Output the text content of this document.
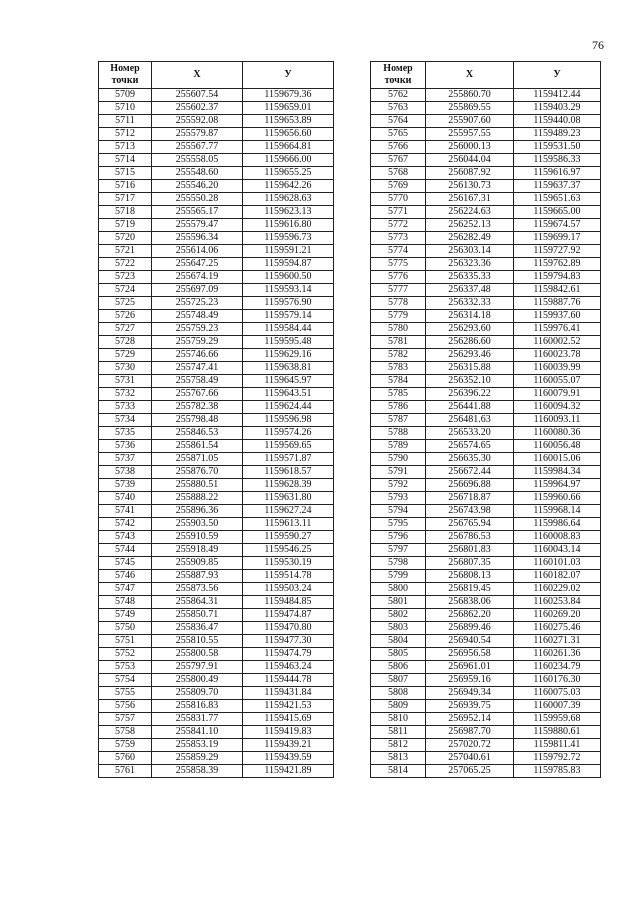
76
Номер
точки	X	У
5709	255607.54	1159679.36
5710	255602.37	1159659.01
5711	255592.08	1159653.89
5712	255579.87	1159656.60
5713	255567.77	1159664.81
5714	255558.05	1159666.00
5715	255548.60	1159655.25
5716	255546.20	1159642.26
5717	255550.28	1159628.63
5718	255565.17	1159623.13
5719	255579.47	1159616.80
5720	255596.34	1159596.73
5721	255614.06	1159591.21
5722	255647.25	1159594.87
5723	255674.19	1159600.50
5724	255697.09	1159593.14
5725	255725.23	1159576.90
5726	255748.49	1159579.14
5727	255759.23	1159584.44
5728	255759.29	1159595.48
5729	255746.66	1159629.16
5730	255747.41	1159638.81
5731	255758.49	1159645.97
5732	255767.66	1159643.51
5733	255782.38	1159624.44
5734	255798.48	1159596.98
5735	255846.53	1159574.26
5736	255861.54	1159569.65
5737	255871.05	1159571.87
5738	255876.70	1159618.57
5739	255880.51	1159628.39
5740	255888.22	1159631.80
5741	255896.36	1159627.24
5742	255903.50	1159613.11
5743	255910.59	1159590.27
5744	255918.49	1159546.25
5745	255909.85	1159530.19
5746	255887.93	1159514.78
5747	255873.56	1159503.24
5748	255864.31	1159484.85
5749	255850.71	1159474.87
5750	255836.47	1159470.80
5751	255810.55	1159477.30
5752	255800.58	1159474.79
5753	255797.91	1159463.24
5754	255800.49	1159444.78
5755	255809.70	1159431.84
5756	255816.83	1159421.53
5757	255831.77	1159415.69
5758	255841.10	1159419.83
5759	255853.19	1159439.21
5760	255859.29	1159439.59
5761	255858.39	1159421.89
Номер
точки	X	У
5762	255860.70	1159412.44
5763	255869.55	1159403.29
5764	255907.60	1159440.08
5765	255957.55	1159489.23
5766	256000.13	1159531.50
5767	256044.04	1159586.33
5768	256087.92	1159616.97
5769	256130.73	1159637.37
5770	256167.31	1159651.63
5771	256224.63	1159665.00
5772	256252.13	1159674.57
5773	256282.49	1159699.17
5774	256303.14	1159727.92
5775	256323.36	1159762.89
5776	256335.33	1159794.83
5777	256337.48	1159842.61
5778	256332.33	1159887.76
5779	256314.18	1159937.60
5780	256293.60	1159976.41
5781	256286.60	1160002.52
5782	256293.46	1160023.78
5783	256315.88	1160039.99
5784	256352.10	1160055.07
5785	256396.22	1160079.91
5786	256441.88	1160094.32
5787	256481.63	1160093.11
5788	256533.20	1160080.36
5789	256574.65	1160056.48
5790	256635.30	1160015.06
5791	256672.44	1159984.34
5792	256696.88	1159964.97
5793	256718.87	1159960.66
5794	256743.98	1159968.14
5795	256765.94	1159986.64
5796	256786.53	1160008.83
5797	256801.83	1160043.14
5798	256807.35	1160101.03
5799	256808.13	1160182.07
5800	256819.45	1160229.02
5801	256838.06	1160253.84
5802	256862.20	1160269.20
5803	256899.46	1160275.46
5804	256940.54	1160271.31
5805	256956.58	1160261.36
5806	256961.01	1160234.79
5807	256959.16	1160176.30
5808	256949.34	1160075.03
5809	256939.75	1160007.39
5810	256952.14	1159959.68
5811	256987.70	1159880.61
5812	257020.72	1159811.41
5813	257040.61	1159792.72
5814	257065.25	1159785.83
